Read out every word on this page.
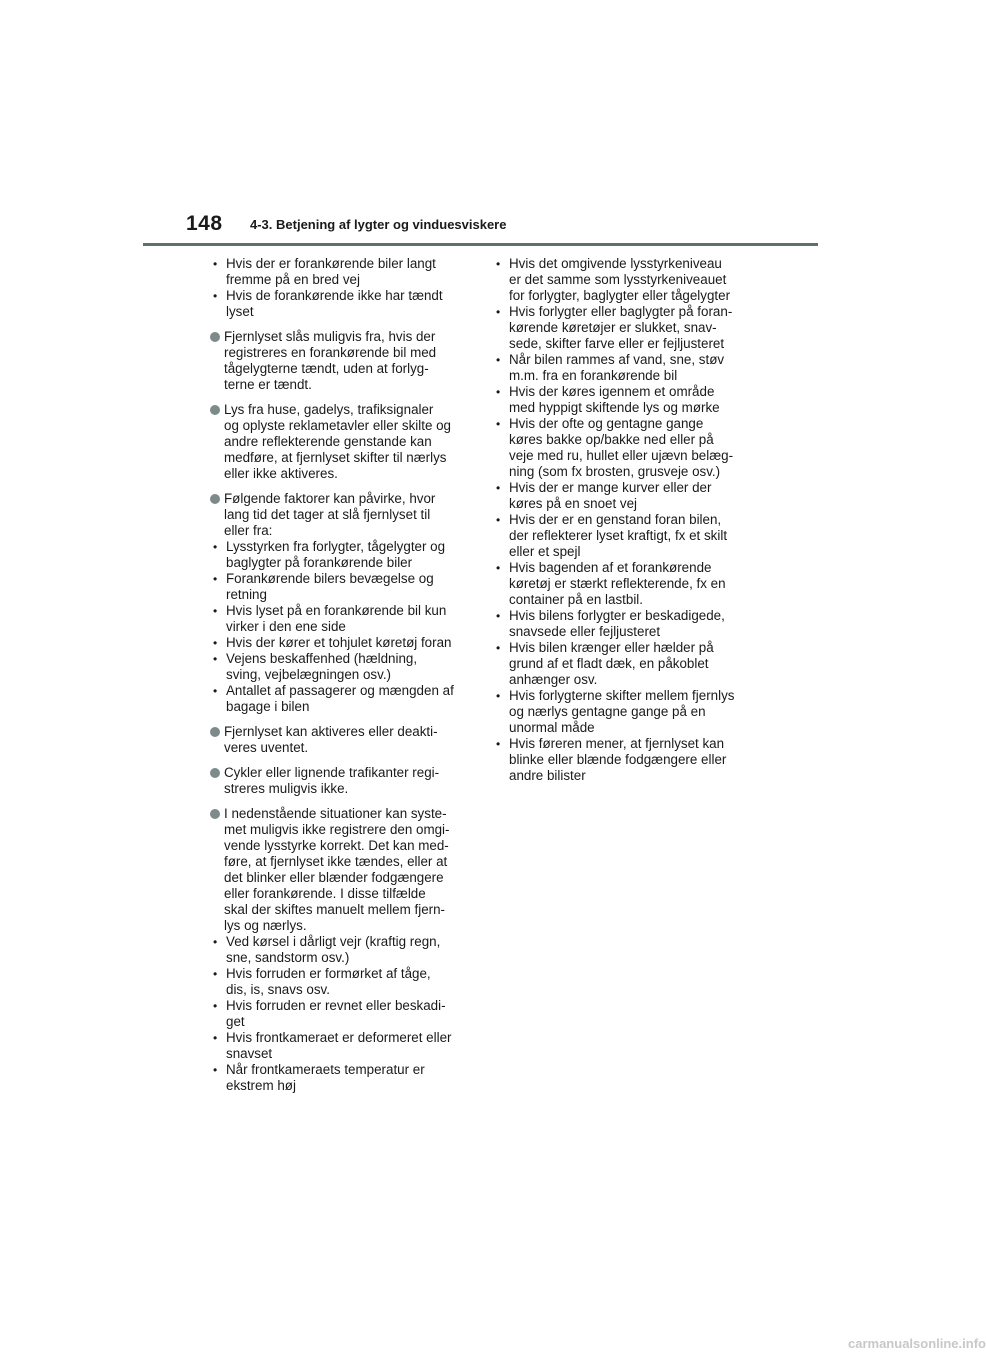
148 4-3. Betjening af lygter og vinduesviskere
• Hvis der er forankørende biler langt
fremme på en bred vej
• Hvis de forankørende ikke har tændt
lyset
Fjernlyset slås muligvis fra, hvis der
registreres en forankørende bil med
tågelygterne tændt, uden at forlyg-
terne er tændt.
Lys fra huse, gadelys, trafiksignaler
og oplyste reklametavler eller skilte og
andre reflekterende genstande kan
medføre, at fjernlyset skifter til nærlys
eller ikke aktiveres.
Følgende faktorer kan påvirke, hvor
lang tid det tager at slå fjernlyset til
eller fra:
• Lysstyrken fra forlygter, tågelygter og
baglygter på forankørende biler
• Forankørende bilers bevægelse og
retning
• Hvis lyset på en forankørende bil kun
virker i den ene side
• Hvis der kører et tohjulet køretøj foran
• Vejens beskaffenhed (hældning,
sving, vejbelægningen osv.)
• Antallet af passagerer og mængden af
bagage i bilen
Fjernlyset kan aktiveres eller deakti-
veres uventet.
Cykler eller lignende trafikanter regi-
streres muligvis ikke.
I nedenstående situationer kan syste-
met muligvis ikke registrere den omgi-
vende lysstyrke korrekt. Det kan med-
føre, at fjernlyset ikke tændes, eller at
det blinker eller blænder fodgængere
eller forankørende. I disse tilfælde
skal der skiftes manuelt mellem fjern-
lys og nærlys.
• Ved kørsel i dårligt vejr (kraftig regn,
sne, sandstorm osv.)
• Hvis forruden er formørket af tåge,
dis, is, snavs osv.
• Hvis forruden er revnet eller beskadi-
get
• Hvis frontkameraet er deformeret eller
snavset
• Når frontkameraets temperatur er
ekstrem høj
• Hvis det omgivende lysstyrkeniveau
er det samme som lysstyrkeniveauet
for forlygter, baglygter eller tågelygter
• Hvis forlygter eller baglygter på foran-
kørende køretøjer er slukket, snav-
sede, skifter farve eller er fejljusteret
• Når bilen rammes af vand, sne, støv
m.m. fra en forankørende bil
• Hvis der køres igennem et område
med hyppigt skiftende lys og mørke
• Hvis der ofte og gentagne gange
køres bakke op/bakke ned eller på
veje med ru, hullet eller ujævn belæg-
ning (som fx brosten, grusveje osv.)
• Hvis der er mange kurver eller der
køres på en snoet vej
• Hvis der er en genstand foran bilen,
der reflekterer lyset kraftigt, fx et skilt
eller et spejl
• Hvis bagenden af et forankørende
køretøj er stærkt reflekterende, fx en
container på en lastbil.
• Hvis bilens forlygter er beskadigede,
snavsede eller fejljusteret
• Hvis bilen krænger eller hælder på
grund af et fladt dæk, en påkoblet
anhænger osv.
• Hvis forlygterne skifter mellem fjernlys
og nærlys gentagne gange på en
unormal måde
• Hvis føreren mener, at fjernlyset kan
blinke eller blænde fodgængere eller
andre bilister
carmanualsonline.info
